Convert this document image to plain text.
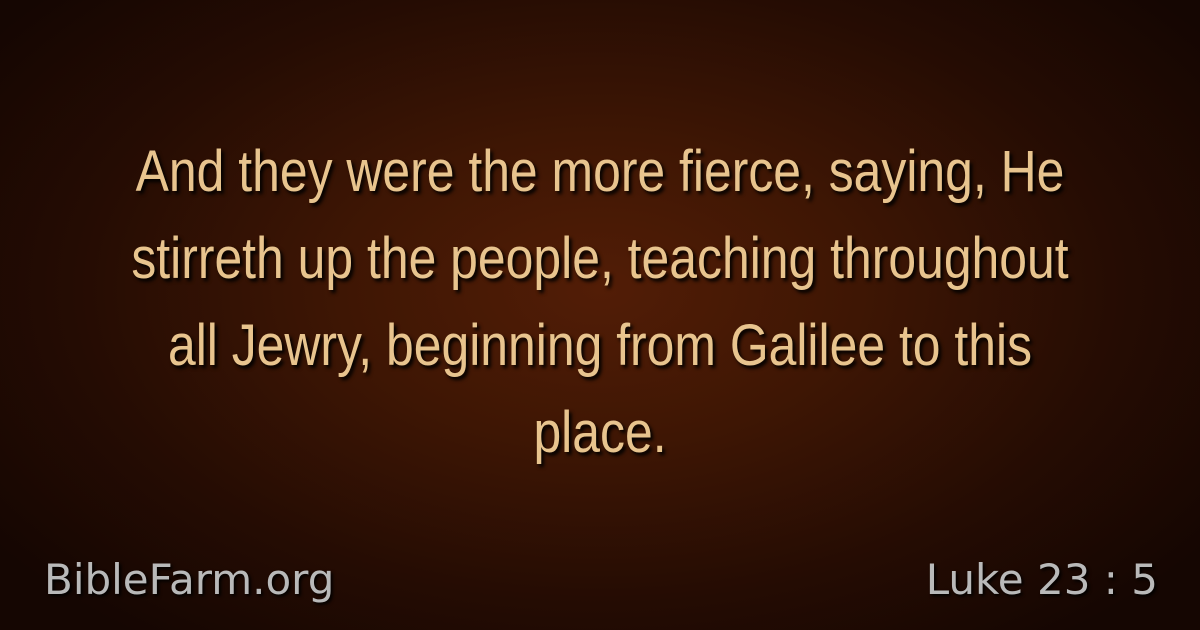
And they were the more fierce, saying, He stirreth up the people, teaching throughout all Jewry, beginning from Galilee to this place.

BibleFarm.org	Luke 23 : 5
